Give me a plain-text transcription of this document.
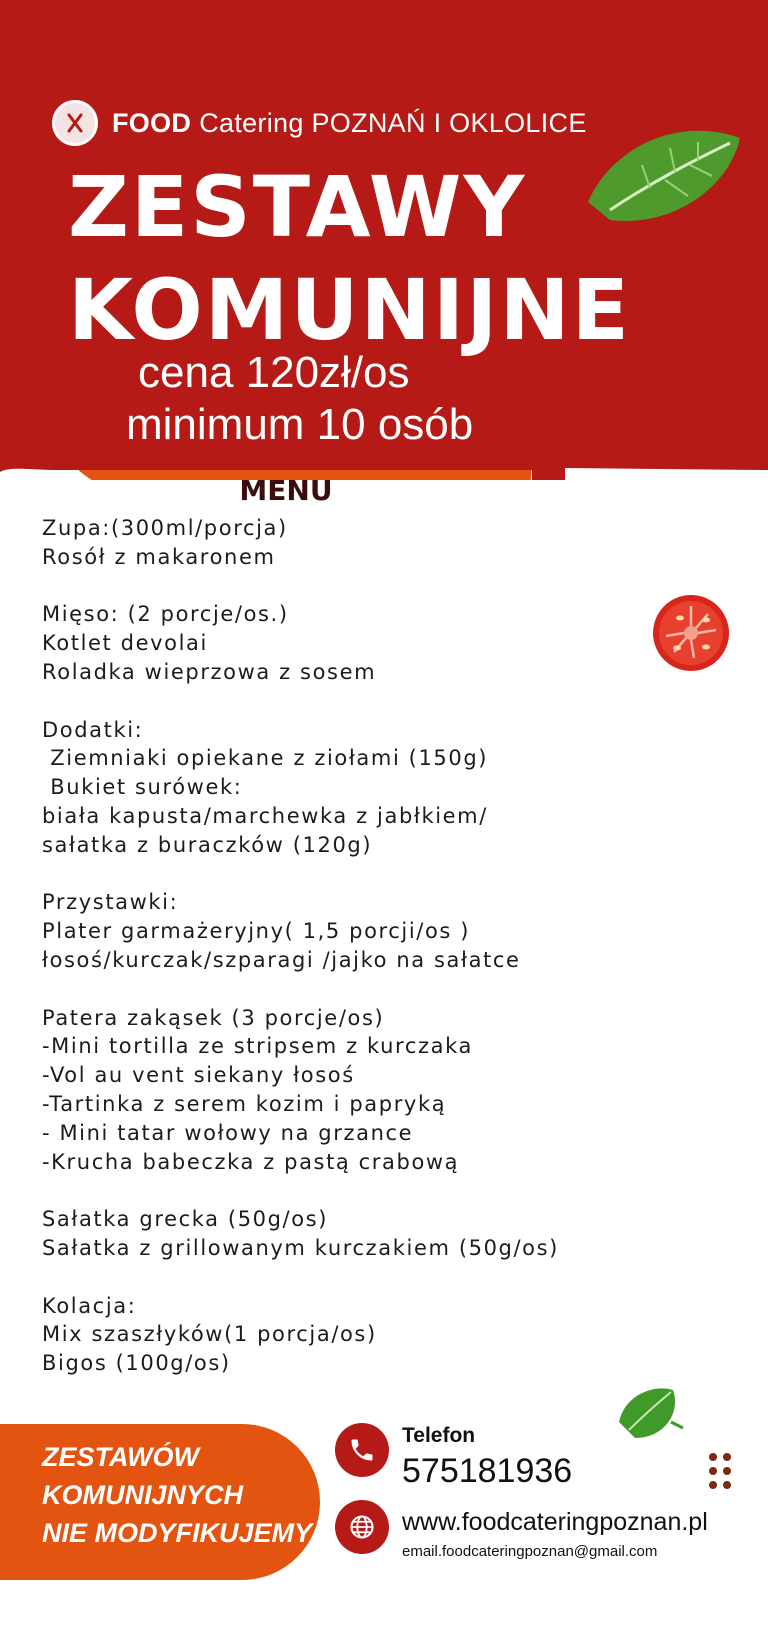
FOOD Catering POZNAŃ I OKLOLICE
ZESTAWY
KOMUNIJNE
cena 120zł/os
minimum 10 osób
MENU
Zupa:(300ml/porcja)
Rosół z makaronem
Mięso: (2 porcje/os.)
Kotlet devolai
Roladka wieprzowa z sosem
Dodatki:
Ziemniaki opiekane z ziołami (150g)
Bukiet surówek:
biała kapusta/marchewka z jabłkiem/
sałatka z buraczków (120g)
Przystawki:
Plater garmażeryjny( 1,5 porcji/os )
łosoś/kurczak/szparagi /jajko na sałatce
Patera zakąsek (3 porcje/os)
-Mini tortilla ze stripsem z kurczaka
-Vol au vent siekany łosoś
-Tartinka z serem kozim i papryką
- Mini tatar wołowy na grzance
-Krucha babeczka z pastą crabową
Sałatka grecka (50g/os)
Sałatka z grillowanym kurczakiem (50g/os)
Kolacja:
Mix szaszłyków(1 porcja/os)
Bigos (100g/os)
ZESTAWÓW
KOMUNIJNYCH
NIE MODYFIKUJEMY
Telefon
575181936
www.foodcateringpoznan.pl
email.foodcateringpoznan@gmail.com
